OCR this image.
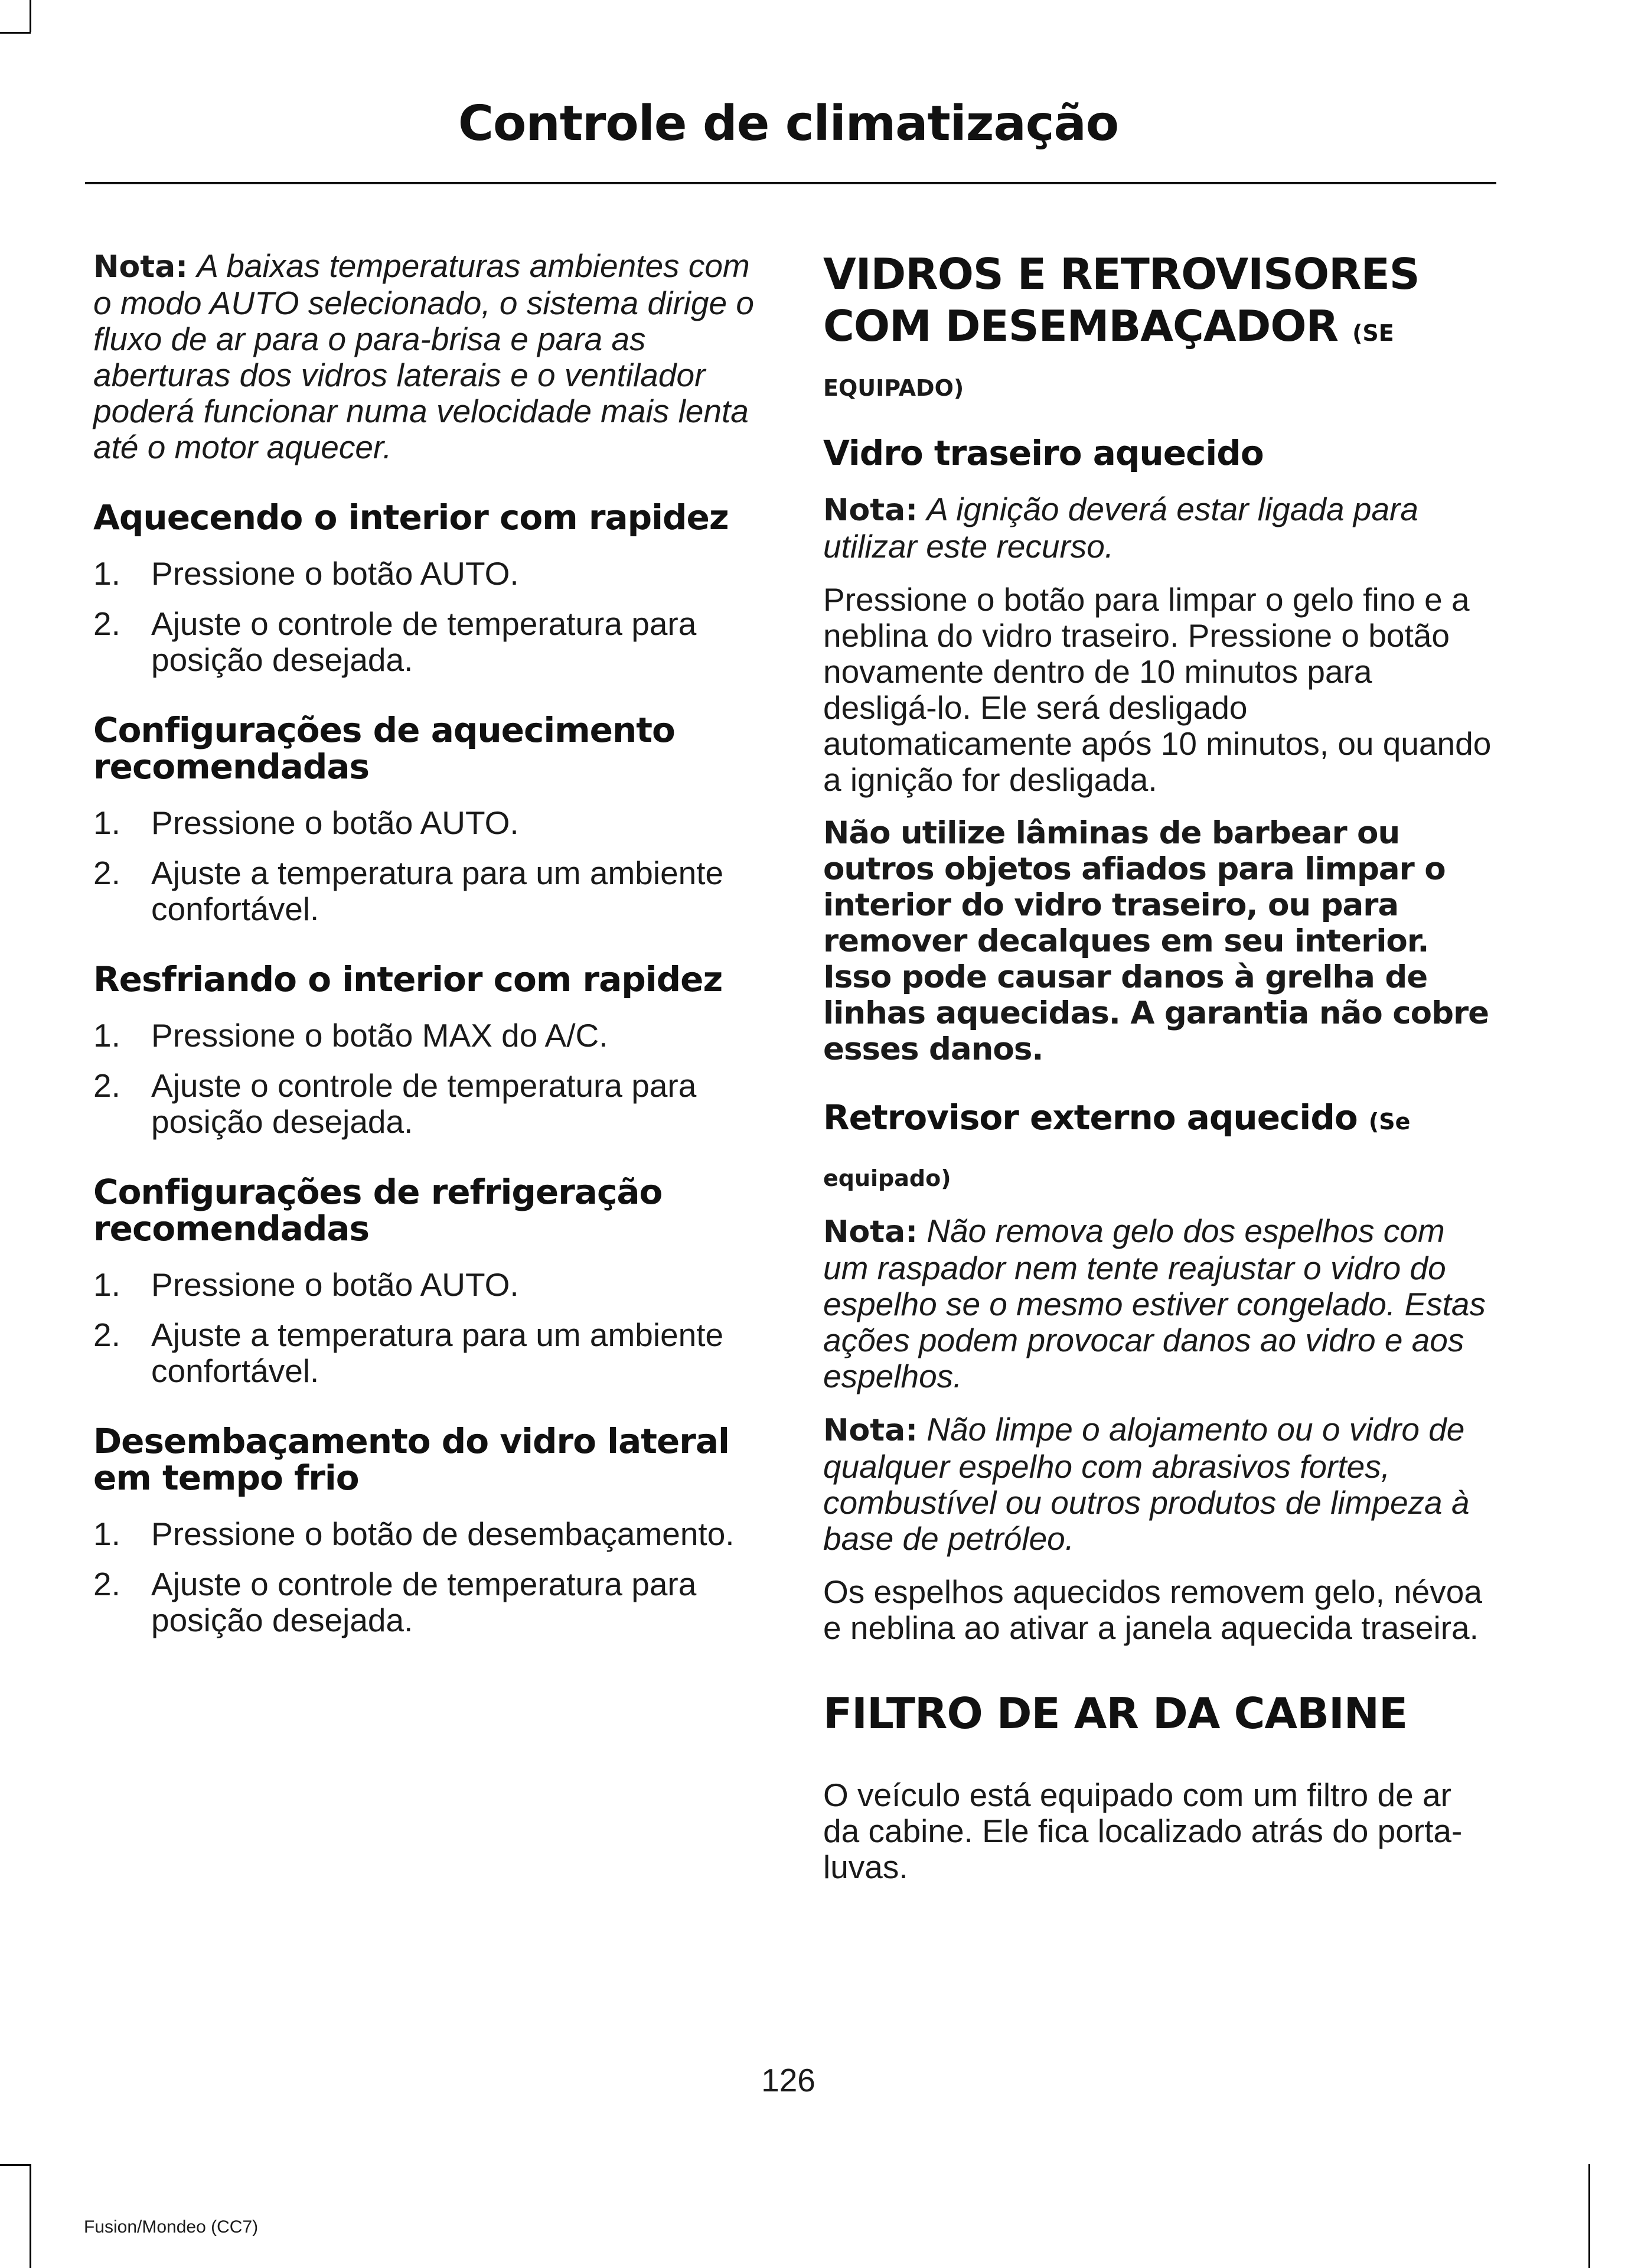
Controle de climatização

Nota: A baixas temperaturas ambientes com o modo AUTO selecionado, o sistema dirige o fluxo de ar para o para-brisa e para as aberturas dos vidros laterais e o ventilador poderá funcionar numa velocidade mais lenta até o motor aquecer.

Aquecendo o interior com rapidez
1. Pressione o botão AUTO.
2. Ajuste o controle de temperatura para posição desejada.
Configurações de aquecimento recomendadas
1. Pressione o botão AUTO.
2. Ajuste a temperatura para um ambiente confortável.
Resfriando o interior com rapidez
1. Pressione o botão MAX do A/C.
2. Ajuste o controle de temperatura para posição desejada.
Configurações de refrigeração recomendadas
1. Pressione o botão AUTO.
2. Ajuste a temperatura para um ambiente confortável.
Desembaçamento do vidro lateral em tempo frio
1. Pressione o botão de desembaçamento.
2. Ajuste o controle de temperatura para posição desejada.
VIDROS E RETROVISORES COM DESEMBAÇADOR (SE
EQUIPADO)
Vidro traseiro aquecido

Nota: A ignição deverá estar ligada para utilizar este recurso.

Pressione o botão para limpar o gelo fino e a neblina do vidro traseiro. Pressione o botão novamente dentro de 10 minutos para desligá-lo. Ele será desligado automaticamente após 10 minutos, ou quando a ignição for desligada.

Não utilize lâminas de barbear ou outros objetos afiados para limpar o interior do vidro traseiro, ou para remover decalques em seu interior. Isso pode causar danos à grelha de linhas aquecidas. A garantia não cobre esses danos.

Retrovisor externo aquecido (Se
equipado)

Nota: Não remova gelo dos espelhos com um raspador nem tente reajustar o vidro do espelho se o mesmo estiver congelado. Estas ações podem provocar danos ao vidro e aos espelhos.

Nota: Não limpe o alojamento ou o vidro de qualquer espelho com abrasivos fortes, combustível ou outros produtos de limpeza à base de petróleo.

Os espelhos aquecidos removem gelo, névoa e neblina ao ativar a janela aquecida traseira.

FILTRO DE AR DA CABINE

O veículo está equipado com um filtro de ar da cabine. Ele fica localizado atrás do porta-luvas.

126
Fusion/Mondeo (CC7)
